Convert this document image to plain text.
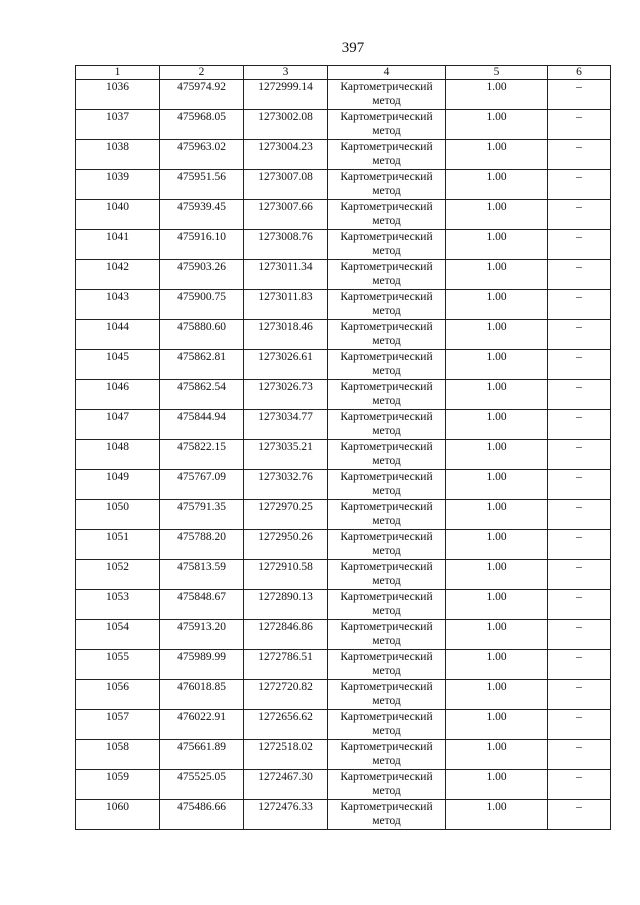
397
1	2	3	4	5	6
1036	475974.92	1272999.14	Картометрический метод	1.00	–
1037	475968.05	1273002.08	Картометрический метод	1.00	–
1038	475963.02	1273004.23	Картометрический метод	1.00	–
1039	475951.56	1273007.08	Картометрический метод	1.00	–
1040	475939.45	1273007.66	Картометрический метод	1.00	–
1041	475916.10	1273008.76	Картометрический метод	1.00	–
1042	475903.26	1273011.34	Картометрический метод	1.00	–
1043	475900.75	1273011.83	Картометрический метод	1.00	–
1044	475880.60	1273018.46	Картометрический метод	1.00	–
1045	475862.81	1273026.61	Картометрический метод	1.00	–
1046	475862.54	1273026.73	Картометрический метод	1.00	–
1047	475844.94	1273034.77	Картометрический метод	1.00	–
1048	475822.15	1273035.21	Картометрический метод	1.00	–
1049	475767.09	1273032.76	Картометрический метод	1.00	–
1050	475791.35	1272970.25	Картометрический метод	1.00	–
1051	475788.20	1272950.26	Картометрический метод	1.00	–
1052	475813.59	1272910.58	Картометрический метод	1.00	–
1053	475848.67	1272890.13	Картометрический метод	1.00	–
1054	475913.20	1272846.86	Картометрический метод	1.00	–
1055	475989.99	1272786.51	Картометрический метод	1.00	–
1056	476018.85	1272720.82	Картометрический метод	1.00	–
1057	476022.91	1272656.62	Картометрический метод	1.00	–
1058	475661.89	1272518.02	Картометрический метод	1.00	–
1059	475525.05	1272467.30	Картометрический метод	1.00	–
1060	475486.66	1272476.33	Картометрический метод	1.00	–
